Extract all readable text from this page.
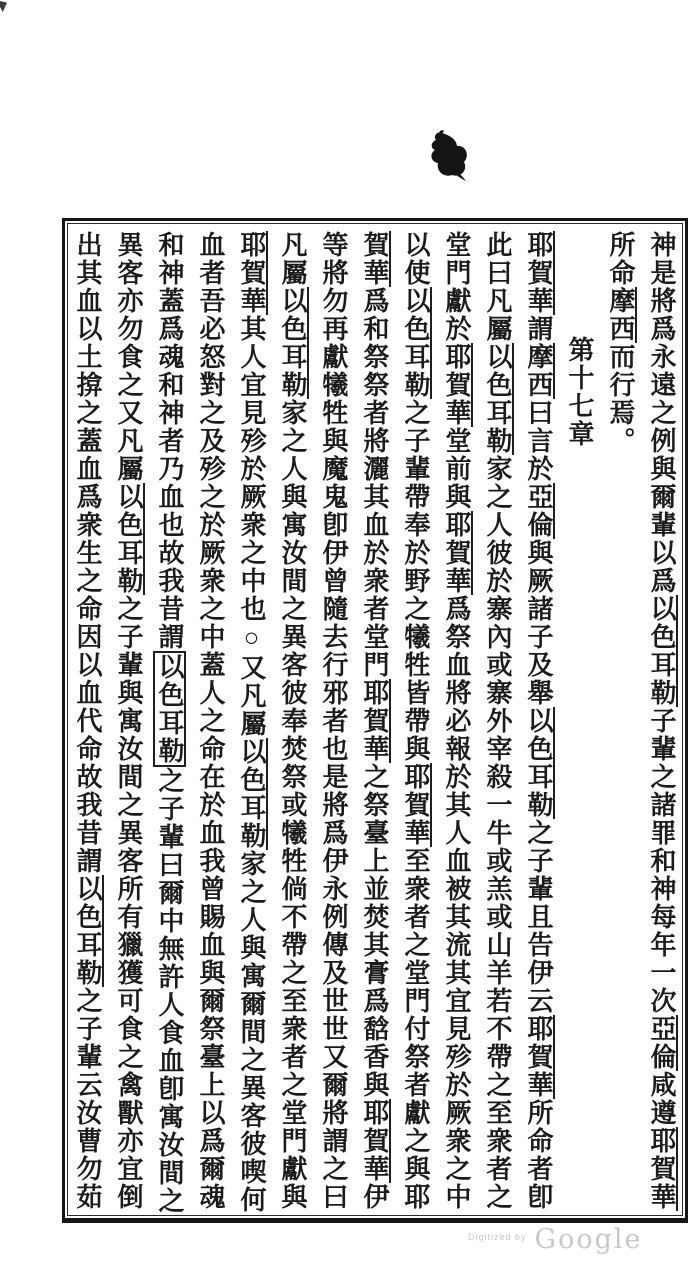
神是將爲永遠之例與爾輩以爲以色耳勒子輩之諸罪和神每年一次亞倫咸遵耶賀華
所命摩西而行焉。
第十七章
耶賀華謂摩西曰言於亞倫與厥諸子及舉以色耳勒之子輩且告伊云耶賀華所命者卽
此曰凡屬以色耳勒家之人彼於寨內或寨外宰殺一牛或羔或山羊若不帶之至衆者之
堂門獻於耶賀華堂前與耶賀華爲祭血將必報於其人血被其流其宜見殄於厥衆之中
以使以色耳勒之子輩帶奉於野之犧牲皆帶與耶賀華至衆者之堂門付祭者獻之與耶
賀華爲和祭祭者將灑其血於衆者堂門耶賀華之祭臺上並焚其膏爲馠香與耶賀華伊
等將勿再獻犧牲與魔鬼卽伊曾隨去行邪者也是將爲伊永例傳及世世又爾將謂之曰
凡屬以色耳勒家之人與寓汝間之異客彼奉焚祭或犧牲倘不帶之至衆者之堂門獻與
耶賀華其人宜見殄於厥衆之中也○又凡屬以色耳勒家之人與寓爾間之異客彼喫何
血者吾必怒對之及殄之於厥衆之中蓋人之命在於血我曾賜血與爾祭臺上以爲爾魂
和神蓋爲魂和神者乃血也故我昔謂以色耳勒之子輩曰爾中無許人食血卽寓汝間之
異客亦勿食之又凡屬以色耳勒之子輩與寓汝間之異客所有獵獲可食之禽獸亦宜倒
出其血以土揜之蓋血爲衆生之命因以血代命故我昔謂以色耳勒之子輩云汝曹勿茹
$^{Digitized by}$ Google
